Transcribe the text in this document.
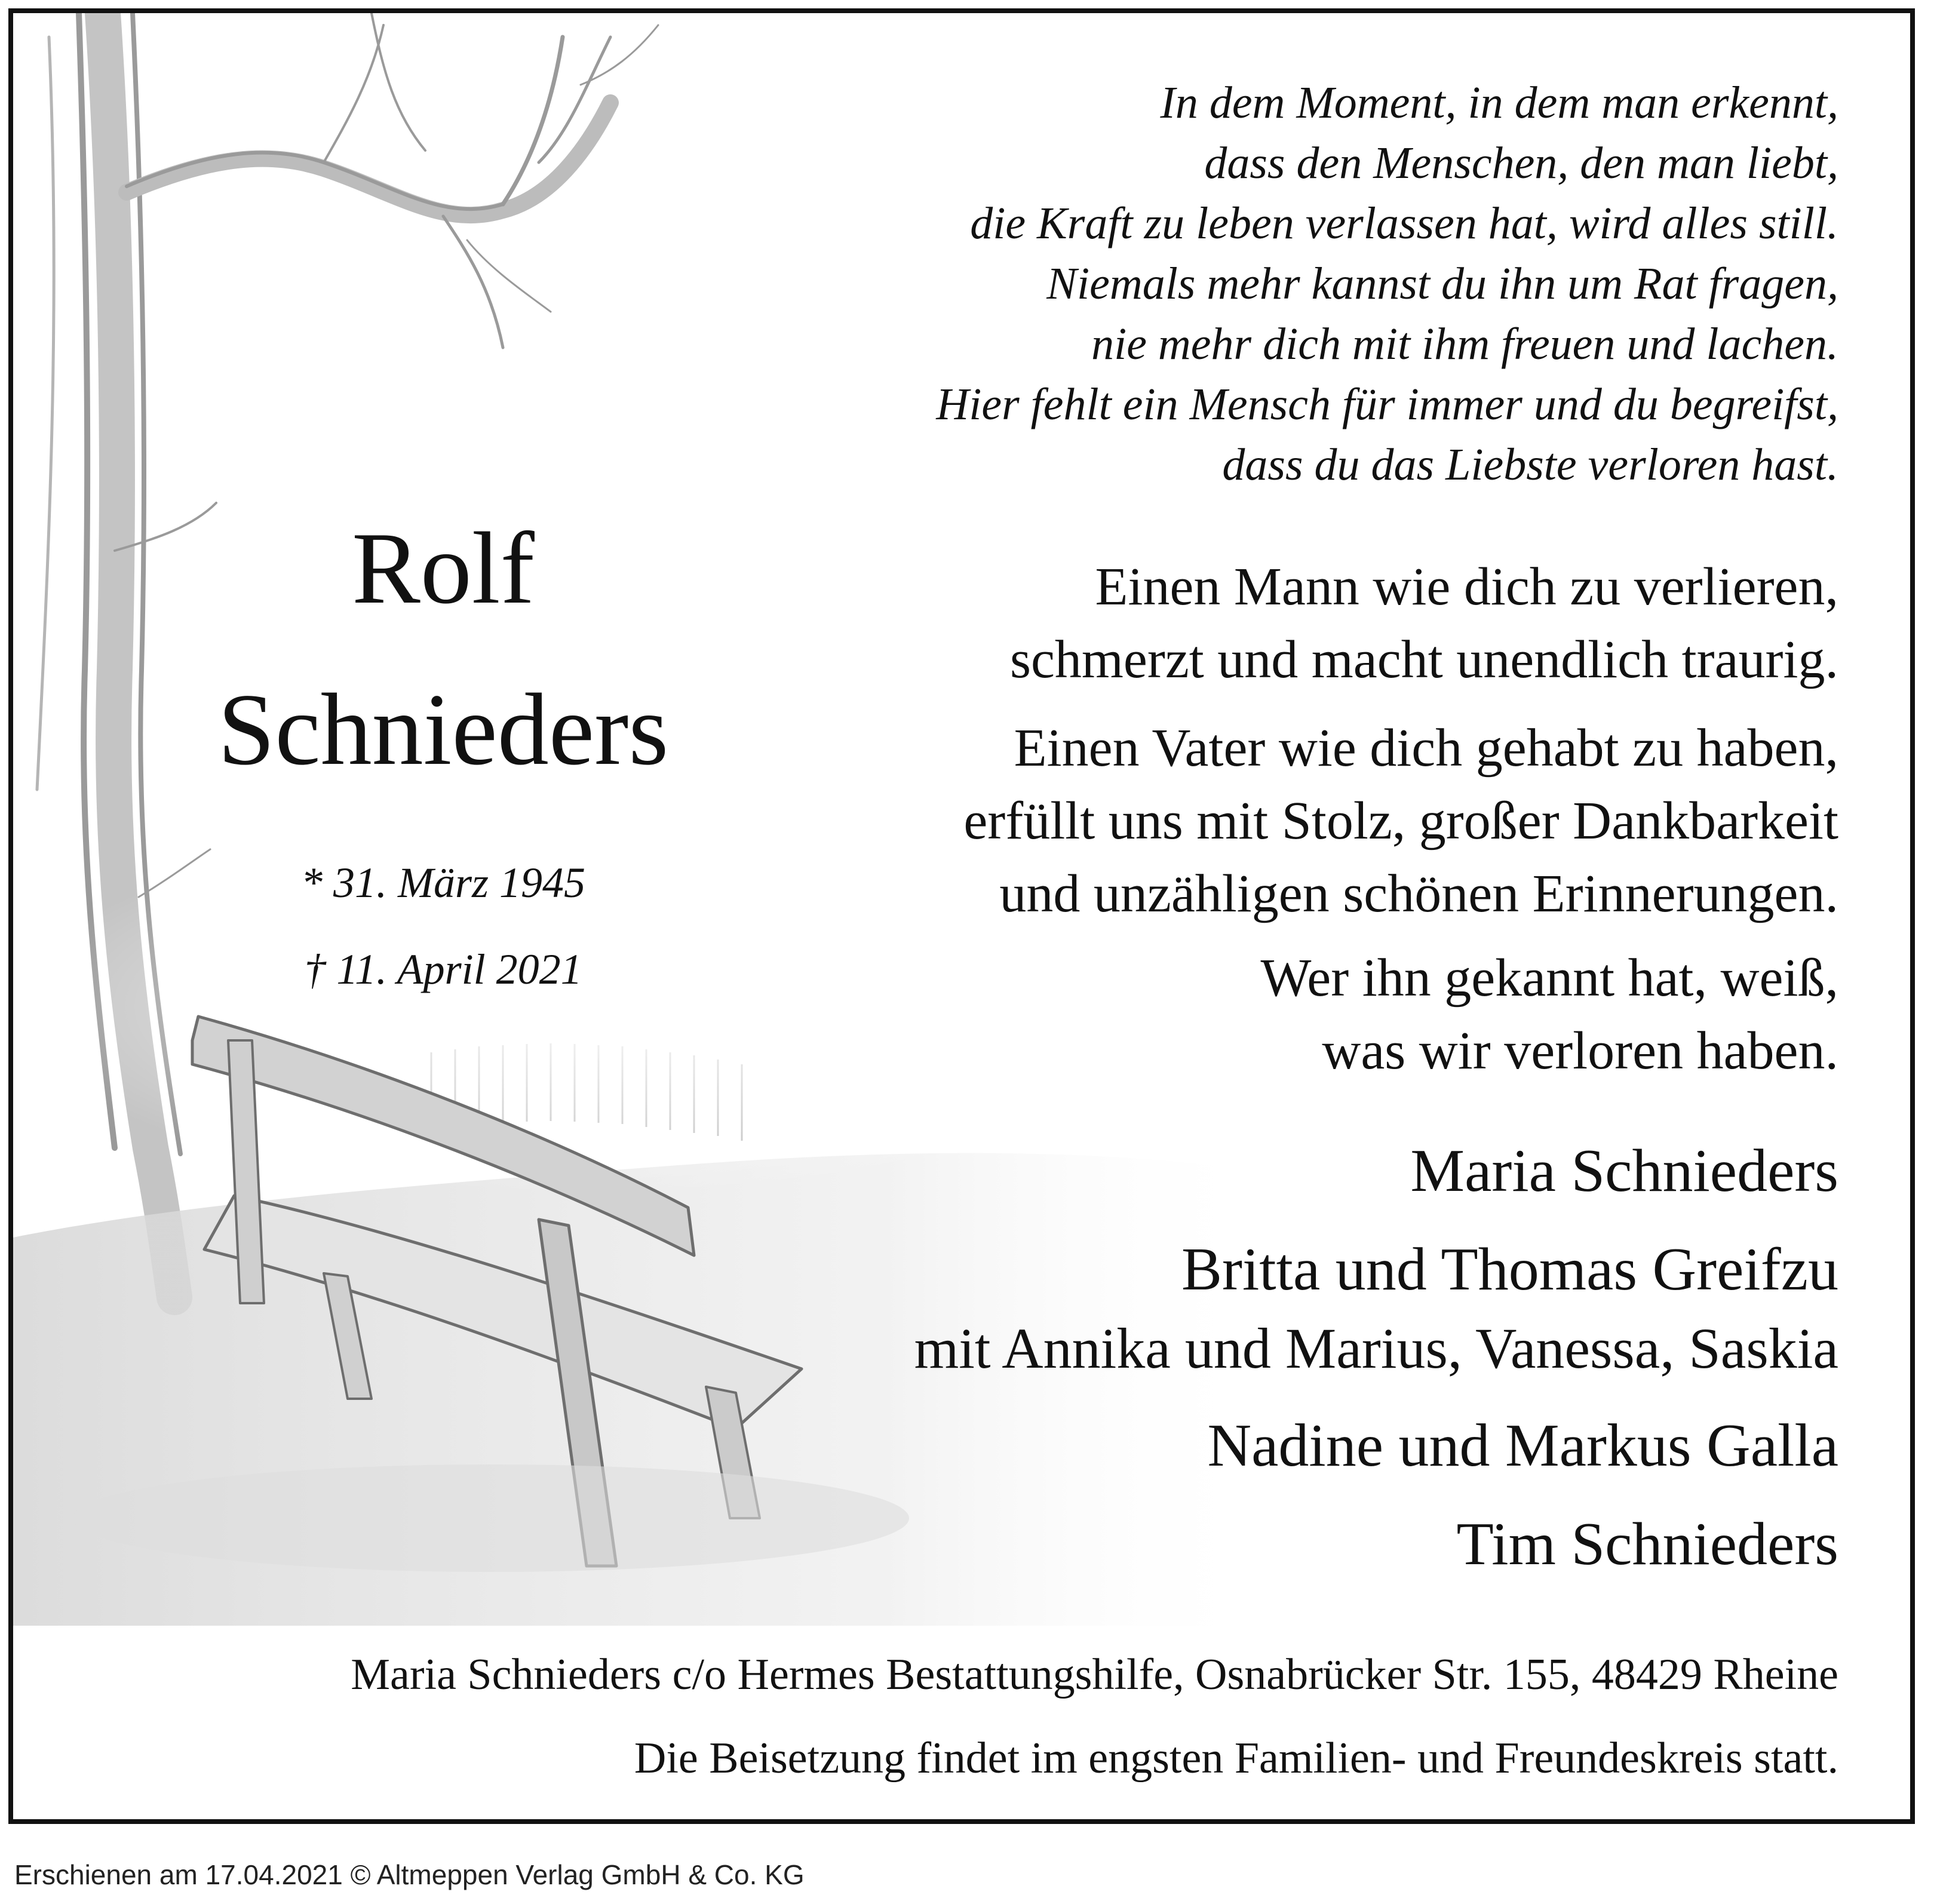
In dem Moment, in dem man erkennt,
dass den Menschen, den man liebt,
die Kraft zu leben verlassen hat, wird alles still.
Niemals mehr kannst du ihn um Rat fragen,
nie mehr dich mit ihm freuen und lachen.
Hier fehlt ein Mensch für immer und du begreifst,
dass du das Liebste verloren hast.
Rolf
Schnieders
* 31. März 1945
† 11. April 2021
Einen Mann wie dich zu verlieren,
schmerzt und macht unendlich traurig.
Einen Vater wie dich gehabt zu haben,
erfüllt uns mit Stolz, großer Dankbarkeit
und unzähligen schönen Erinnerungen.
Wer ihn gekannt hat, weiß,
was wir verloren haben.
Maria Schnieders
Britta und Thomas Greifzu
mit Annika und Marius, Vanessa, Saskia
Nadine und Markus Galla
Tim Schnieders
Maria Schnieders c/o Hermes Bestattungshilfe, Osnabrücker Str. 155, 48429 Rheine
Die Beisetzung findet im engsten Familien- und Freundeskreis statt.
Erschienen am 17.04.2021 © Altmeppen Verlag GmbH & Co. KG
